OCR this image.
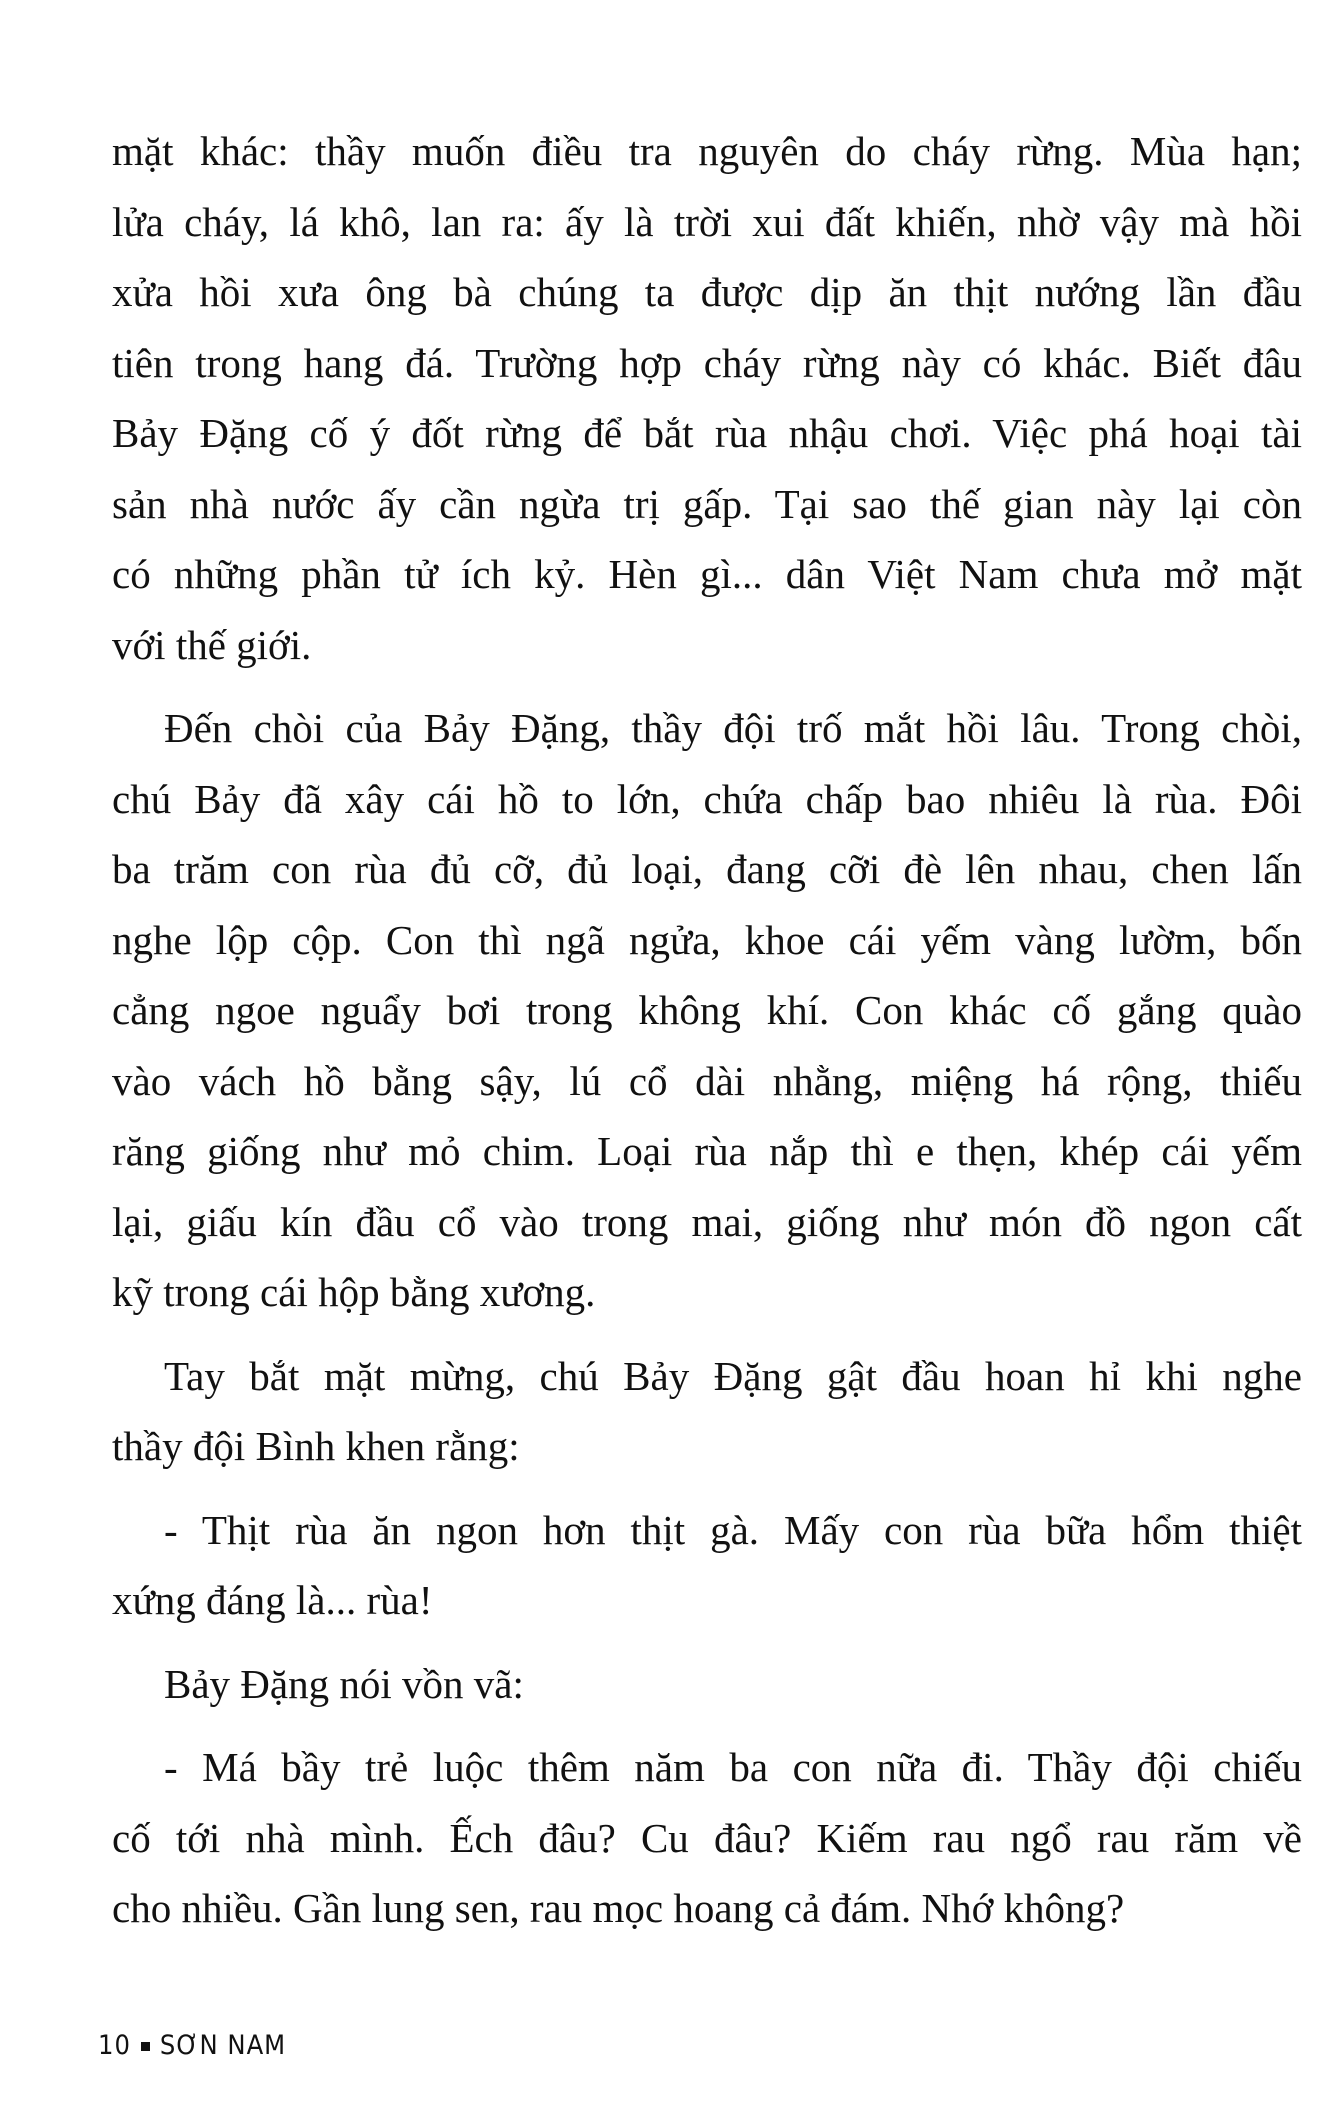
mặt khác: thầy muốn điều tra nguyên do cháy rừng. Mùa hạn;
lửa cháy, lá khô, lan ra: ấy là trời xui đất khiến, nhờ vậy mà hồi
xửa hồi xưa ông bà chúng ta được dịp ăn thịt nướng lần đầu
tiên trong hang đá. Trường hợp cháy rừng này có khác. Biết đâu
Bảy Đặng cố ý đốt rừng để bắt rùa nhậu chơi. Việc phá hoại tài
sản nhà nước ấy cần ngừa trị gấp. Tại sao thế gian này lại còn
có những phần tử ích kỷ. Hèn gì... dân Việt Nam chưa mở mặt
với thế giới.
Đến chòi của Bảy Đặng, thầy đội trố mắt hồi lâu. Trong chòi,
chú Bảy đã xây cái hồ to lớn, chứa chấp bao nhiêu là rùa. Đôi
ba trăm con rùa đủ cỡ, đủ loại, đang cỡi đè lên nhau, chen lấn
nghe lộp cộp. Con thì ngã ngửa, khoe cái yếm vàng lườm, bốn
cẳng ngoe nguẩy bơi trong không khí. Con khác cố gắng quào
vào vách hồ bằng sậy, lú cổ dài nhằng, miệng há rộng, thiếu
răng giống như mỏ chim. Loại rùa nắp thì e thẹn, khép cái yếm
lại, giấu kín đầu cổ vào trong mai, giống như món đồ ngon cất
kỹ trong cái hộp bằng xương.
Tay bắt mặt mừng, chú Bảy Đặng gật đầu hoan hỉ khi nghe
thầy đội Bình khen rằng:
- Thịt rùa ăn ngon hơn thịt gà. Mấy con rùa bữa hổm thiệt
xứng đáng là... rùa!
Bảy Đặng nói vồn vã:
- Má bầy trẻ luộc thêm năm ba con nữa đi. Thầy đội chiếu
cố tới nhà mình. Ếch đâu? Cu đâu? Kiếm rau ngổ rau răm về
cho nhiều. Gần lung sen, rau mọc hoang cả đám. Nhớ không?
10 SƠN NAM
